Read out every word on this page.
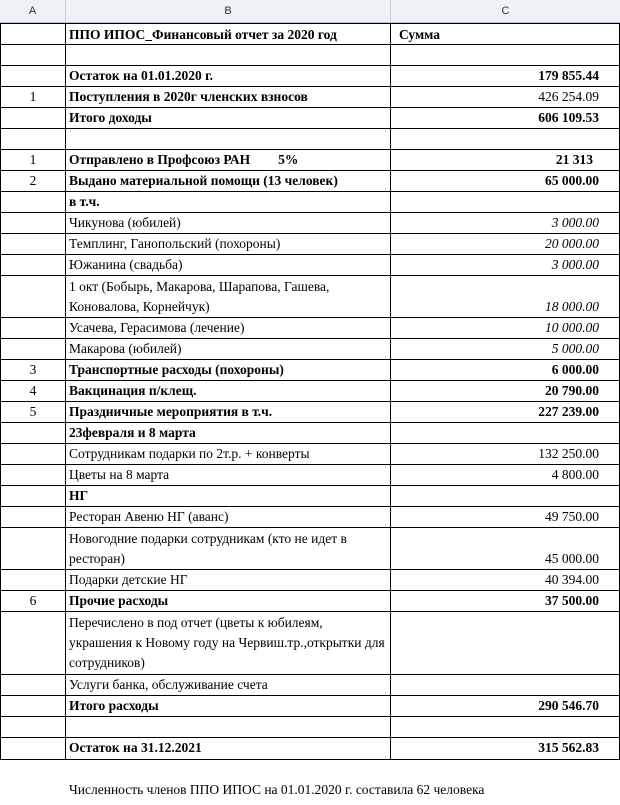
A	B	C
ППО ИПОС_Финансовый отчет за 2020 год	Сумма
Остаток на 01.01.2020 г.	179 855.44
1	Поступления в 2020г членских взносов	426 254.09
Итого доходы	606 109.53
1	Отправлено в Профсоюз РАН 5%	21 313
2	Выдано материальной помощи (13 человек)	65 000.00
в т.ч.
Чикунова (юбилей)	3 000.00
Темплинг, Ганопольский (похороны)	20 000.00
Южанина (свадьба)	3 000.00
1 окт (Бобырь, Макарова, Шарапова, Гашева, Коновалова, Корнейчук)	18 000.00
Усачева, Герасимова (лечение)	10 000.00
Макарова (юбилей)	5 000.00
3	Транспортные расходы (похороны)	6 000.00
4	Вакцинация п/клещ.	20 790.00
5	Праздничные мероприятия в т.ч.	227 239.00
23февраля и 8 марта
Сотрудникам подарки по 2т.р. + конверты	132 250.00
Цветы на 8 марта	4 800.00
НГ
Ресторан Авеню НГ (аванс)	49 750.00
Новогодние подарки сотрудникам (кто не идет в ресторан)	45 000.00
Подарки детские НГ	40 394.00
6	Прочие расходы	37 500.00
Перечислено в под отчет (цветы к юбилеям, украшения к Новому году на Червиш.тр.,открытки для сотрудников)
Услуги банка, обслуживание счета
Итого расходы	290 546.70
Остаток на 31.12.2021	315 562.83
Численность членов ППО ИПОС на 01.01.2020 г. составила 62 человека
